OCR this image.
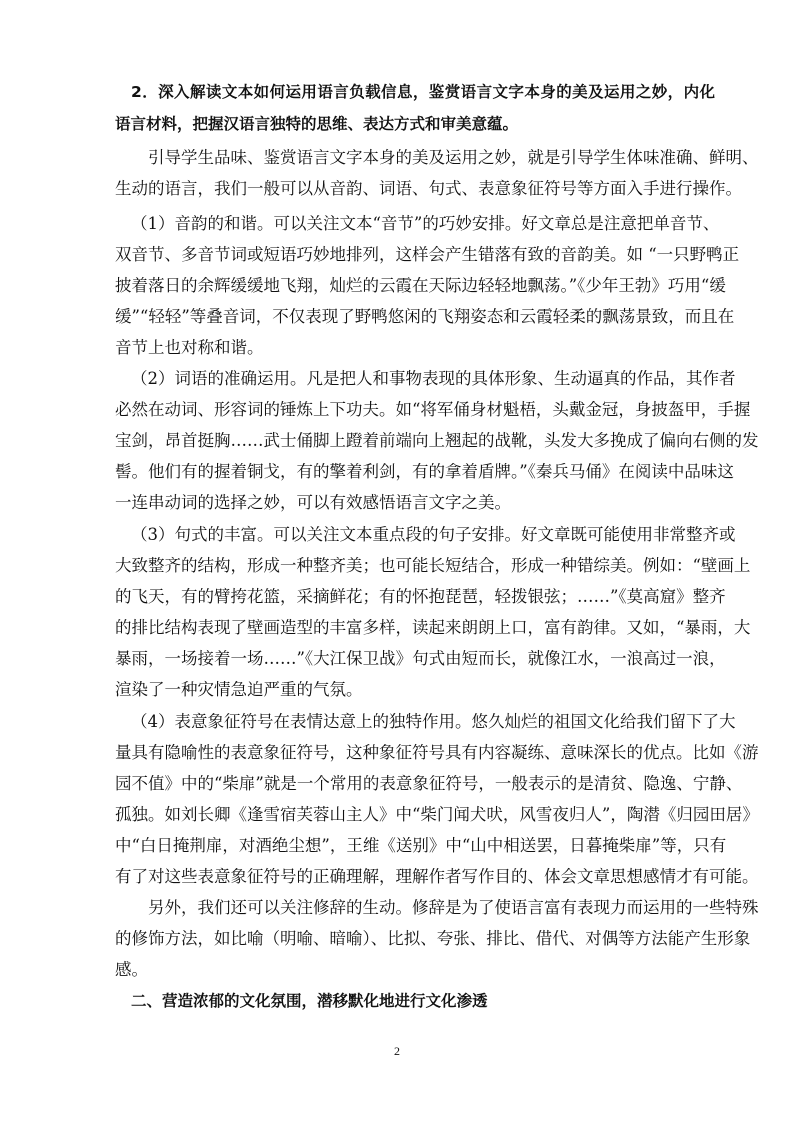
2．深入解读文本如何运用语言负载信息，鉴赏语言文字本身的美及运用之妙，内化
语言材料，把握汉语言独特的思维、表达方式和审美意蕴。
引导学生品味、鉴赏语言文字本身的美及运用之妙，就是引导学生体味准确、鲜明、
生动的语言，我们一般可以从音韵、词语、句式、表意象征符号等方面入手进行操作。
（1）音韵的和谐。可以关注文本“音节”的巧妙安排。好文章总是注意把单音节、
双音节、多音节词或短语巧妙地排列，这样会产生错落有致的音韵美。如 “一只野鸭正
披着落日的余辉缓缓地飞翔，灿烂的云霞在天际边轻轻地飘荡。”《少年王勃》巧用“缓
缓”“轻轻”等叠音词，不仅表现了野鸭悠闲的飞翔姿态和云霞轻柔的飘荡景致，而且在
音节上也对称和谐。
（2）词语的准确运用。凡是把人和事物表现的具体形象、生动逼真的作品，其作者
必然在动词、形容词的锤炼上下功夫。如“将军俑身材魁梧，头戴金冠，身披盔甲，手握
宝剑，昂首挺胸……武士俑脚上蹬着前端向上翘起的战靴，头发大多挽成了偏向右侧的发
髻。他们有的握着铜戈，有的擎着利剑，有的拿着盾牌。”《秦兵马俑》在阅读中品味这
一连串动词的选择之妙，可以有效感悟语言文字之美。
（3）句式的丰富。可以关注文本重点段的句子安排。好文章既可能使用非常整齐或
大致整齐的结构，形成一种整齐美；也可能长短结合，形成一种错综美。例如：“壁画上
的飞天，有的臂挎花篮，采摘鲜花；有的怀抱琵琶，轻拨银弦；……”《莫高窟》整齐
的排比结构表现了壁画造型的丰富多样，读起来朗朗上口，富有韵律。又如，“暴雨，大
暴雨，一场接着一场……”《大江保卫战》句式由短而长，就像江水，一浪高过一浪，
渲染了一种灾情急迫严重的气氛。
（4）表意象征符号在表情达意上的独特作用。悠久灿烂的祖国文化给我们留下了大
量具有隐喻性的表意象征符号，这种象征符号具有内容凝练、意味深长的优点。比如《游
园不值》中的“柴扉”就是一个常用的表意象征符号，一般表示的是清贫、隐逸、宁静、
孤独。如刘长卿《逢雪宿芙蓉山主人》中“柴门闻犬吠，风雪夜归人”，陶潜《归园田居》
中“白日掩荆扉，对酒绝尘想”，王维《送别》中“山中相送罢，日暮掩柴扉”等，只有
有了对这些表意象征符号的正确理解，理解作者写作目的、体会文章思想感情才有可能。
另外，我们还可以关注修辞的生动。修辞是为了使语言富有表现力而运用的一些特殊
的修饰方法，如比喻（明喻、暗喻）、比拟、夸张、排比、借代、对偶等方法能产生形象
感。
二、营造浓郁的文化氛围，潜移默化地进行文化渗透
2
